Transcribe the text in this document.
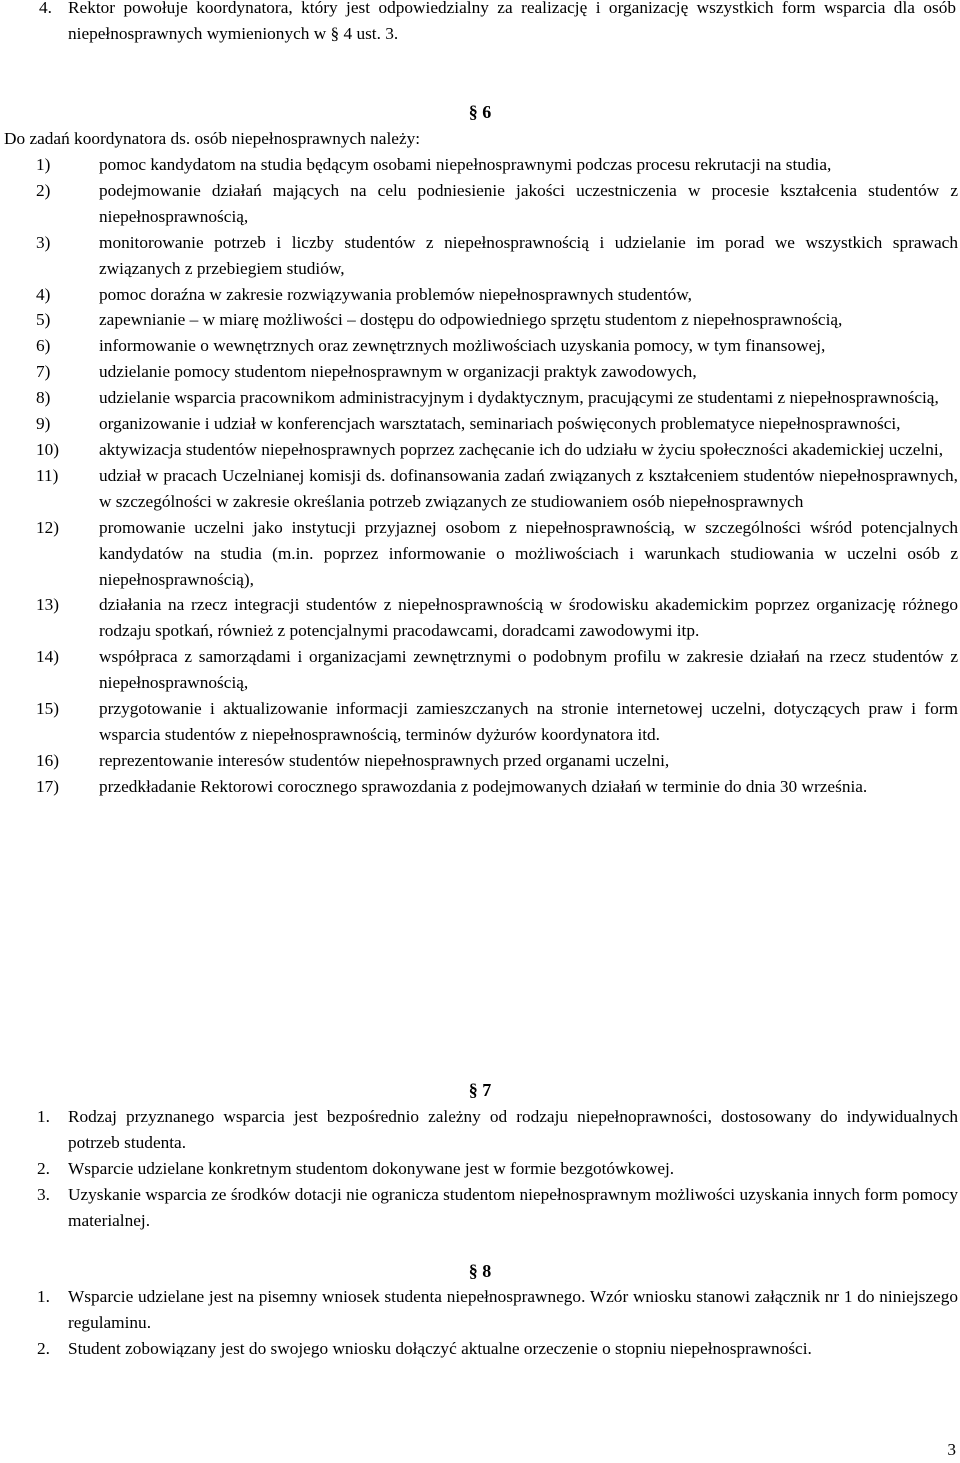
4. Rektor powołuje koordynatora, który jest odpowiedzialny za realizację i organizację wszystkich form wsparcia dla osób niepełnosprawnych wymienionych w § 4 ust. 3.
§ 6
Do zadań koordynatora ds. osób niepełnosprawnych należy:
1)	pomoc kandydatom na studia będącym osobami niepełnosprawnymi podczas procesu rekrutacji na studia,
2)	podejmowanie działań mających na celu podniesienie jakości uczestniczenia w procesie kształcenia studentów z niepełnosprawnością,
3)	monitorowanie potrzeb i liczby studentów z niepełnosprawnością i udzielanie im porad we wszystkich sprawach związanych z przebiegiem studiów,
4)	pomoc doraźna w zakresie rozwiązywania problemów niepełnosprawnych studentów,
5)	zapewnianie – w miarę możliwości – dostępu do odpowiedniego sprzętu studentom z niepełnosprawnością,
6)	informowanie o wewnętrznych oraz zewnętrznych możliwościach uzyskania pomocy, w tym finansowej,
7)	udzielanie pomocy studentom niepełnosprawnym w organizacji praktyk zawodowych,
8)	udzielanie wsparcia pracownikom administracyjnym i dydaktycznym, pracującymi ze studentami z niepełnosprawnością,
9)	organizowanie i udział w konferencjach warsztatach, seminariach poświęconych problematyce niepełnosprawności,
10)	aktywizacja studentów niepełnosprawnych poprzez zachęcanie ich do udziału w życiu społeczności akademickiej uczelni,
11)	udział w pracach Uczelnianej komisji ds. dofinansowania zadań związanych z kształceniem studentów niepełnosprawnych, w szczególności w zakresie określania potrzeb związanych ze studiowaniem osób niepełnosprawnych
12)	promowanie uczelni jako instytucji przyjaznej osobom z niepełnosprawnością, w szczególności wśród potencjalnych kandydatów na studia (m.in. poprzez informowanie o możliwościach i warunkach studiowania w uczelni osób z niepełnosprawnością),
13)	działania na rzecz integracji studentów z niepełnosprawnością w środowisku akademickim poprzez organizację różnego rodzaju spotkań, również z potencjalnymi pracodawcami, doradcami zawodowymi itp.
14)	współpraca z samorządami i organizacjami zewnętrznymi o podobnym profilu w zakresie działań na rzecz studentów z niepełnosprawnością,
15)	przygotowanie i aktualizowanie informacji zamieszczanych na stronie internetowej uczelni, dotyczących praw i form wsparcia studentów z niepełnosprawnością, terminów dyżurów koordynatora itd.
16)	reprezentowanie interesów studentów niepełnosprawnych przed organami uczelni,
17)	przedkładanie Rektorowi corocznego sprawozdania z podejmowanych działań w terminie do dnia 30 września.
§ 7
1.	Rodzaj przyznanego wsparcia jest bezpośrednio zależny od rodzaju niepełnoprawności, dostosowany do indywidualnych potrzeb studenta.
2.	Wsparcie udzielane konkretnym studentom dokonywane jest w formie bezgotówkowej.
3.	Uzyskanie wsparcia ze środków dotacji nie ogranicza studentom niepełnosprawnym możliwości uzyskania innych form pomocy materialnej.
§ 8
1.	Wsparcie udzielane jest na pisemny wniosek studenta niepełnosprawnego. Wzór wniosku stanowi załącznik nr 1 do niniejszego regulaminu.
2.	Student zobowiązany jest do swojego wniosku dołączyć aktualne orzeczenie o stopniu niepełnosprawności.
3
